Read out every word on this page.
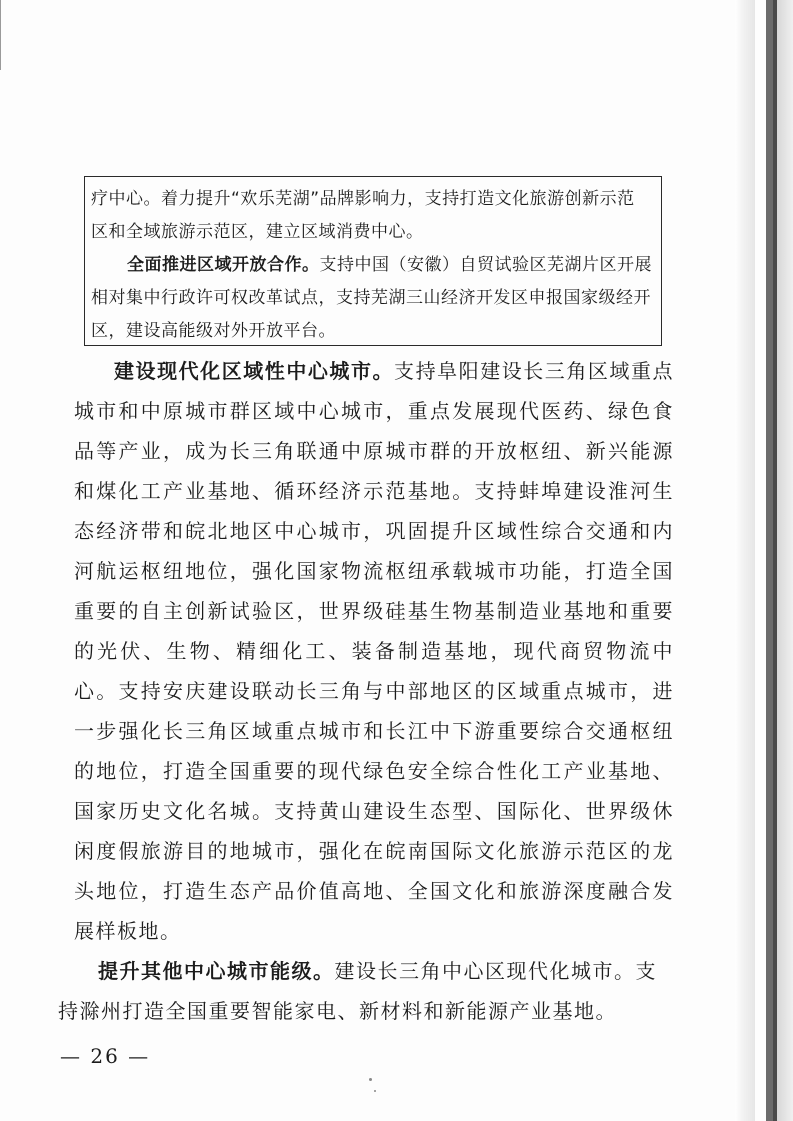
疗中心。着力提升“欢乐芜湖”品牌影响力，支持打造文化旅游创新示范

区和全域旅游示范区，建立区域消费中心。

全面推进区域开放合作。支持中国（安徽）自贸试验区芜湖片区开展相对集中行政许可权改革试点，支持芜湖三山经济开发区申报国家级经开区，建设高能级对外开放平台。

建设现代化区域性中心城市。支持阜阳建设长三角区域重点城市和中原城市群区域中心城市，重点发展现代医药、绿色食品等产业，成为长三角联通中原城市群的开放枢纽、新兴能源和煤化工产业基地、循环经济示范基地。支持蚌埠建设淮河生态经济带和皖北地区中心城市，巩固提升区域性综合交通和内河航运枢纽地位，强化国家物流枢纽承载城市功能，打造全国重要的自主创新试验区，世界级硅基生物基制造业基地和重要的光伏、生物、精细化工、装备制造基地，现代商贸物流中心。支持安庆建设联动长三角与中部地区的区域重点城市，进一步强化长三角区域重点城市和长江中下游重要综合交通枢纽的地位，打造全国重要的现代绿色安全综合性化工产业基地、国家历史文化名城。支持黄山建设生态型、国际化、世界级休闲度假旅游目的地城市，强化在皖南国际文化旅游示范区的龙头地位，打造生态产品价值高地、全国文化和旅游深度融合发展样板地。

提升其他中心城市能级。建设长三角中心区现代化城市。支持滁州打造全国重要智能家电、新材料和新能源产业基地。

— 26 —
